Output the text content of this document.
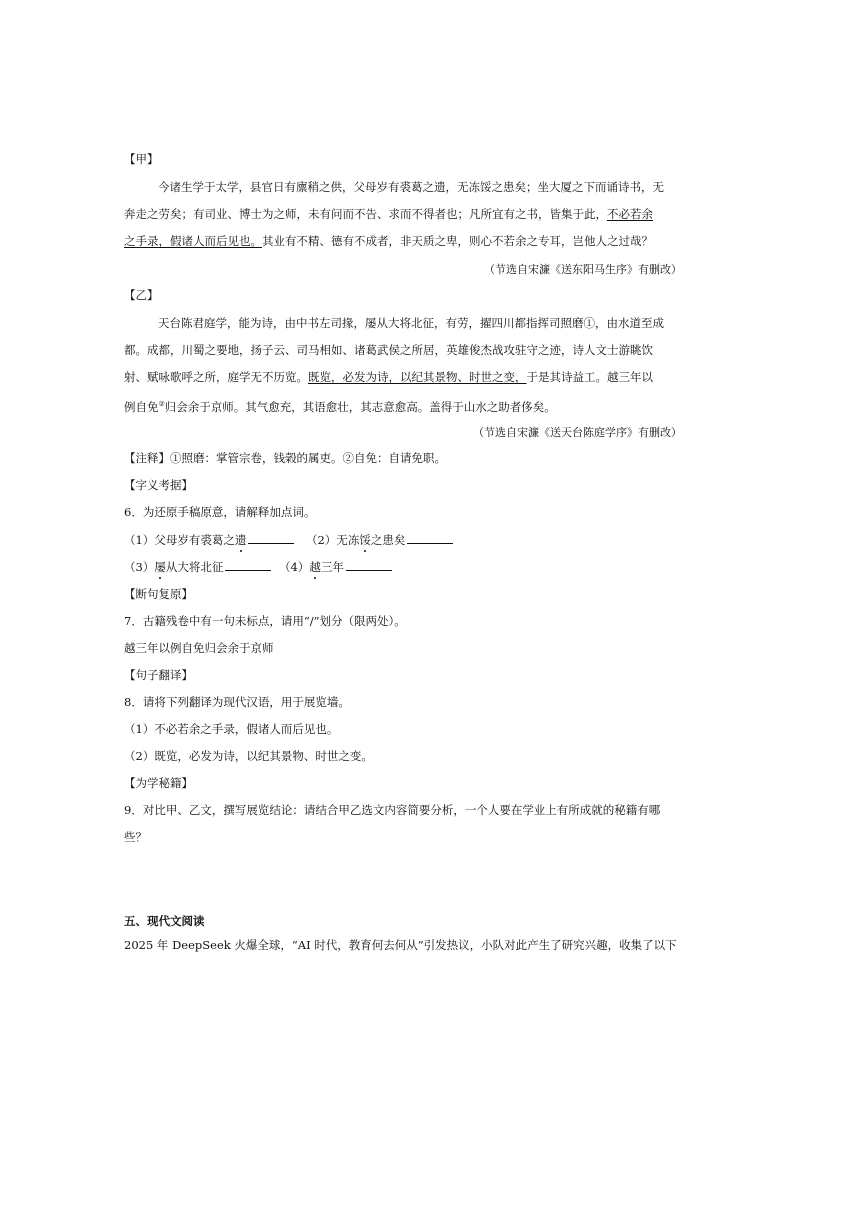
【甲】
今诸生学于太学，县官日有廪稍之供，父母岁有裘葛之遗，无冻馁之患矣；坐大厦之下而诵诗书，无
奔走之劳矣；有司业、博士为之师，未有问而不告、求而不得者也；凡所宜有之书，皆集于此，不必若余
之手录，假诸人而后见也。其业有不精、德有不成者，非天质之卑，则心不若余之专耳，岂他人之过哉？
（节选自宋濂《送东阳马生序》有删改）
【乙】
天台陈君庭学，能为诗，由中书左司掾，屡从大将北征，有劳，擢四川都指挥司照磨①，由水道至成
都。成都，川蜀之要地，扬子云、司马相如、诸葛武侯之所居，英雄俊杰战攻驻守之迹，诗人文士游眺饮
射、赋咏歌呼之所，庭学无不历览。既览，必发为诗，以纪其景物、时世之变，于是其诗益工。越三年以
例自免②归会余于京师。其气愈充，其语愈壮，其志意愈高。盖得于山水之助者侈矣。
（节选自宋濂《送天台陈庭学序》有删改）
【注释】①照磨：掌管宗卷，钱榖的属吏。②自免：自请免职。
【字义考据】
6．为还原手稿原意，请解释加点词。
（1）父母岁有裘葛之遗	（2）无冻馁之患矣
（3）屡从大将北征	（4）越三年
【断句复原】
7．古籍残卷中有一句未标点，请用“/”划分（限两处）。
越三年以例自免归会余于京师
【句子翻译】
8．请将下列翻译为现代汉语，用于展览墙。
（1）不必若余之手录，假诸人而后见也。
（2）既览，必发为诗，以纪其景物、时世之变。
【为学秘籍】
9．对比甲、乙文，撰写展览结论：请结合甲乙选文内容简要分析，一个人要在学业上有所成就的秘籍有哪
些？
五、现代文阅读
2025 年 DeepSeek 火爆全球，“AI 时代，教育何去何从”引发热议，小队对此产生了研究兴趣，收集了以下
